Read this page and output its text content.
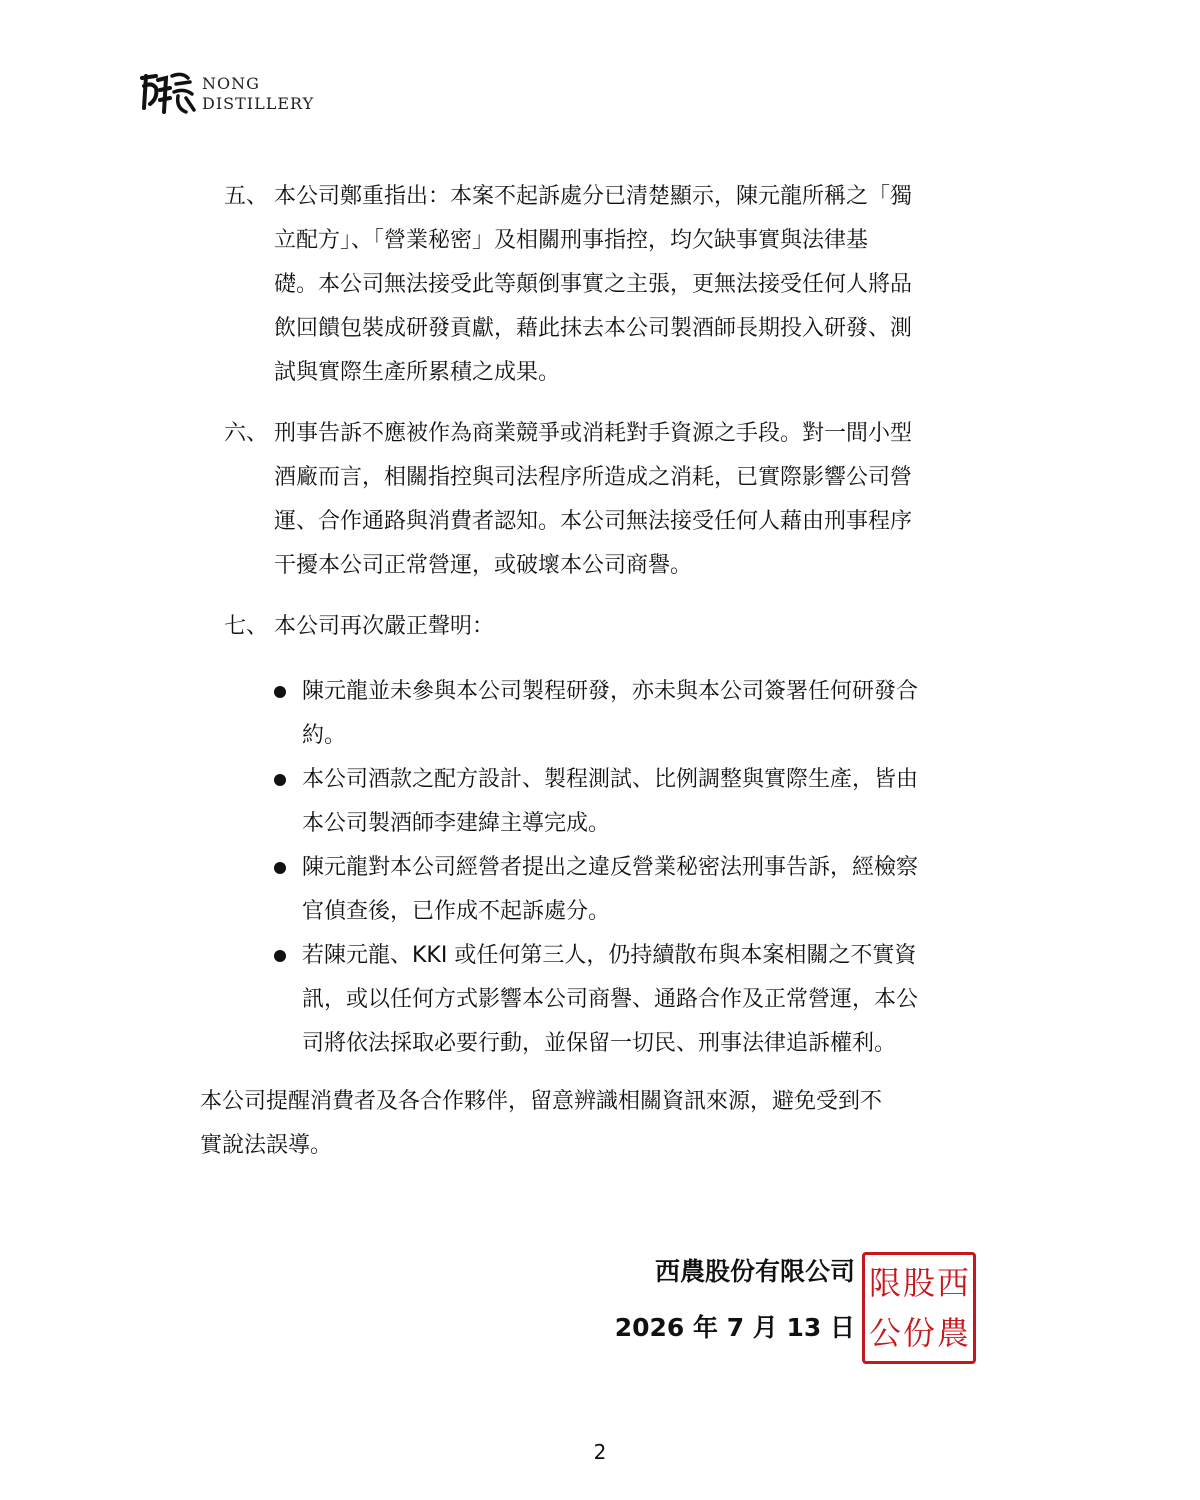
NONG
DISTILLERY
五、 本公司鄭重指出：本案不起訴處分已清楚顯示，陳元龍所稱之「獨
立配方」、「營業秘密」及相關刑事指控，均欠缺事實與法律基
礎。本公司無法接受此等顛倒事實之主張，更無法接受任何人將品
飲回饋包裝成研發貢獻，藉此抹去本公司製酒師長期投入研發、測
試與實際生產所累積之成果。
六、 刑事告訴不應被作為商業競爭或消耗對手資源之手段。對一間小型
酒廠而言，相關指控與司法程序所造成之消耗，已實際影響公司營
運、合作通路與消費者認知。本公司無法接受任何人藉由刑事程序
干擾本公司正常營運，或破壞本公司商譽。
七、 本公司再次嚴正聲明：
陳元龍並未參與本公司製程研發，亦未與本公司簽署任何研發合
約。
本公司酒款之配方設計、製程測試、比例調整與實際生產，皆由
本公司製酒師李建緯主導完成。
陳元龍對本公司經營者提出之違反營業秘密法刑事告訴，經檢察
官偵查後，已作成不起訴處分。
若陳元龍、KKI 或任何第三人，仍持續散布與本案相關之不實資
訊，或以任何方式影響本公司商譽、通路合作及正常營運，本公
司將依法採取必要行動，並保留一切民、刑事法律追訴權利。
本公司提醒消費者及各合作夥伴，留意辨識相關資訊來源，避免受到不
實說法誤導。
西農股份有限公司
2026 年 7 月 13 日
限 股 西
公 份 農
2
